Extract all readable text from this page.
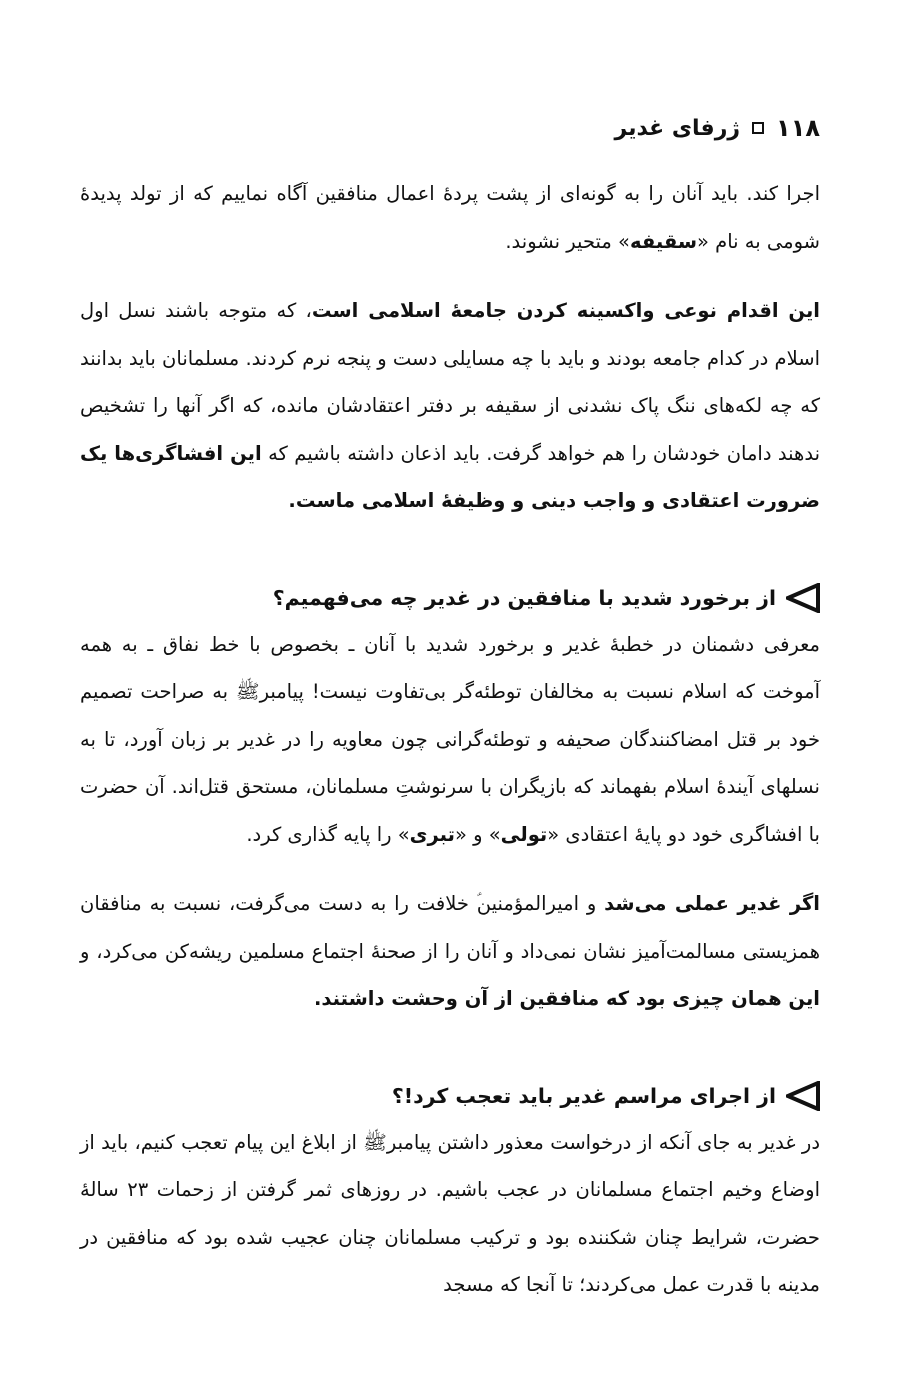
۱۱۸
ژرفای غدیر

اجرا کند. باید آنان را به گونه‌ای از پشت پردهٔ اعمال منافقین آگاه نماییم که از تولد پدیدهٔ شومی به نام «سقیفه» متحیر نشوند.

این اقدام نوعی واکسینه کردن جامعهٔ اسلامی است، که متوجه باشند نسل اول اسلام در کدام جامعه بودند و باید با چه مسایلی دست و پنجه نرم کردند. مسلمانان باید بدانند که چه لکه‌های ننگ پاک نشدنی از سقیفه بر دفتر اعتقادشان مانده، که اگر آنها را تشخیص ندهند دامان خودشان را هم خواهد گرفت. باید اذعان داشته باشیم که این افشاگری‌ها یک ضرورت اعتقادی و واجب دینی و وظیفهٔ اسلامی ماست.

از برخورد شدید با منافقین در غدیر چه می‌فهمیم؟

معرفی دشمنان در خطبهٔ غدیر و برخورد شدید با آنان ـ بخصوص با خط نفاق ـ به همه آموخت که اسلام نسبت به مخالفان توطئه‌گر بی‌تفاوت نیست! پیامبرﷺ به صراحت تصمیم خود بر قتل امضاکنندگان صحیفه و توطئه‌گرانی چون معاویه را در غدیر بر زبان آورد، تا به نسلهای آیندهٔ اسلام بفهماند که بازیگران با سرنوشتِ مسلمانان، مستحق قتل‌اند. آن حضرت با افشاگری خود دو پایهٔ اعتقادی «تولی» و «تبری» را پایه گذاری کرد.

اگر غدیر عملی می‌شد و امیرالمؤمنین‌ؑ خلافت را به دست می‌گرفت، نسبت به منافقان همزیستی مسالمت‌آمیز نشان نمی‌داد و آنان را از صحنهٔ اجتماع مسلمین ریشه‌کن می‌کرد، و این همان چیزی بود که منافقین از آن وحشت داشتند.

از اجرای مراسم غدیر باید تعجب کرد!؟

در غدیر به جای آنکه از درخواست معذور داشتن پیامبرﷺ از ابلاغ این پیام تعجب کنیم، باید از اوضاع وخیم اجتماع مسلمانان در عجب باشیم. در روزهای ثمر گرفتن از زحمات ۲۳ سالهٔ حضرت، شرایط چنان شکننده بود و ترکیب مسلمانان چنان عجیب شده بود که منافقین در مدینه با قدرت عمل می‌کردند؛ تا آنجا که مسجد
